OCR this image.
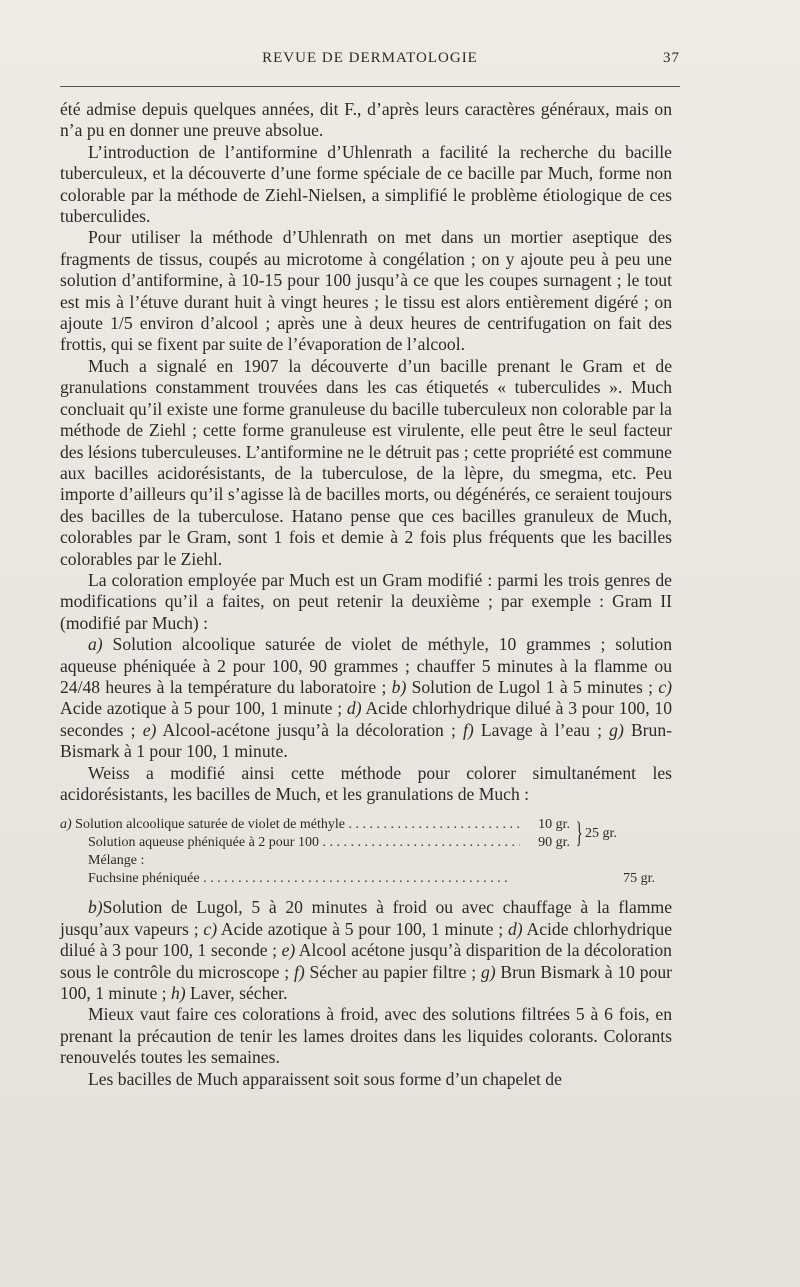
REVUE DE DERMATOLOGIE	37

été admise depuis quelques années, dit F., d’après leurs caractères généraux, mais on n’a pu en donner une preuve absolue.

L’introduction de l’antiformine d’Uhlenrath a facilité la recherche du bacille tuberculeux, et la découverte d’une forme spéciale de ce bacille par Much, forme non colorable par la méthode de Ziehl-Nielsen, a simplifié le problème étiologique de ces tuberculides.

Pour utiliser la méthode d’Uhlenrath on met dans un mortier aseptique des fragments de tissus, coupés au microtome à congélation ; on y ajoute peu à peu une solution d’antiformine, à 10-15 pour 100 jusqu’à ce que les coupes surnagent ; le tout est mis à l’étuve durant huit à vingt heures ; le tissu est alors entièrement digéré ; on ajoute 1/5 environ d’alcool ; après une à deux heures de centrifugation on fait des frottis, qui se fixent par suite de l’évaporation de l’alcool.

Much a signalé en 1907 la découverte d’un bacille prenant le Gram et de granulations constamment trouvées dans les cas étiquetés « tuberculides ». Much concluait qu’il existe une forme granuleuse du bacille tuberculeux non colorable par la méthode de Ziehl ; cette forme granuleuse est virulente, elle peut être le seul facteur des lésions tuberculeuses. L’antiformine ne le détruit pas ; cette propriété est commune aux bacilles acidorésistants, de la tuberculose, de la lèpre, du smegma, etc. Peu importe d’ailleurs qu’il s’agisse là de bacilles morts, ou dégénérés, ce seraient toujours des bacilles de la tuberculose. Hatano pense que ces bacilles granuleux de Much, colorables par le Gram, sont 1 fois et demie à 2 fois plus fréquents que les bacilles colorables par le Ziehl.

La coloration employée par Much est un Gram modifié : parmi les trois genres de modifications qu’il a faites, on peut retenir la deuxième ; par exemple : Gram II (modifié par Much) :

a) Solution alcoolique saturée de violet de méthyle, 10 grammes ; solution aqueuse phéniquée à 2 pour 100, 90 grammes ; chauffer 5 minutes à la flamme ou 24/48 heures à la température du laboratoire ; b) Solution de Lugol 1 à 5 minutes ; c) Acide azotique à 5 pour 100, 1 minute ; d) Acide chlorhydrique dilué à 3 pour 100, 10 secondes ; e) Alcool-acétone jusqu’à la décoloration ; f) Lavage à l’eau ; g) Brun-Bismark à 1 pour 100, 1 minute.

Weiss a modifié ainsi cette méthode pour colorer simultanément les acidorésistants, les bacilles de Much, et les granulations de Much :

a) Solution alcoolique saturée de violet de méthyle . . .	10 gr.
Solution aqueuse phéniquée à 2 pour 100 . . .	90 gr. } 25 gr.
Mélange :
Fuchsine phéniquée . . .	75 gr.

b)Solution de Lugol, 5 à 20 minutes à froid ou avec chauffage à la flamme jusqu’aux vapeurs ; c) Acide azotique à 5 pour 100, 1 minute ; d) Acide chlorhydrique dilué à 3 pour 100, 1 seconde ; e) Alcool acétone jusqu’à disparition de la décoloration sous le contrôle du microscope ; f) Sécher au papier filtre ; g) Brun Bismark à 10 pour 100, 1 minute ; h) Laver, sécher.

Mieux vaut faire ces colorations à froid, avec des solutions filtrées 5 à 6 fois, en prenant la précaution de tenir les lames droites dans les liquides colorants. Colorants renouvelés toutes les semaines.

Les bacilles de Much apparaissent soit sous forme d’un chapelet de
